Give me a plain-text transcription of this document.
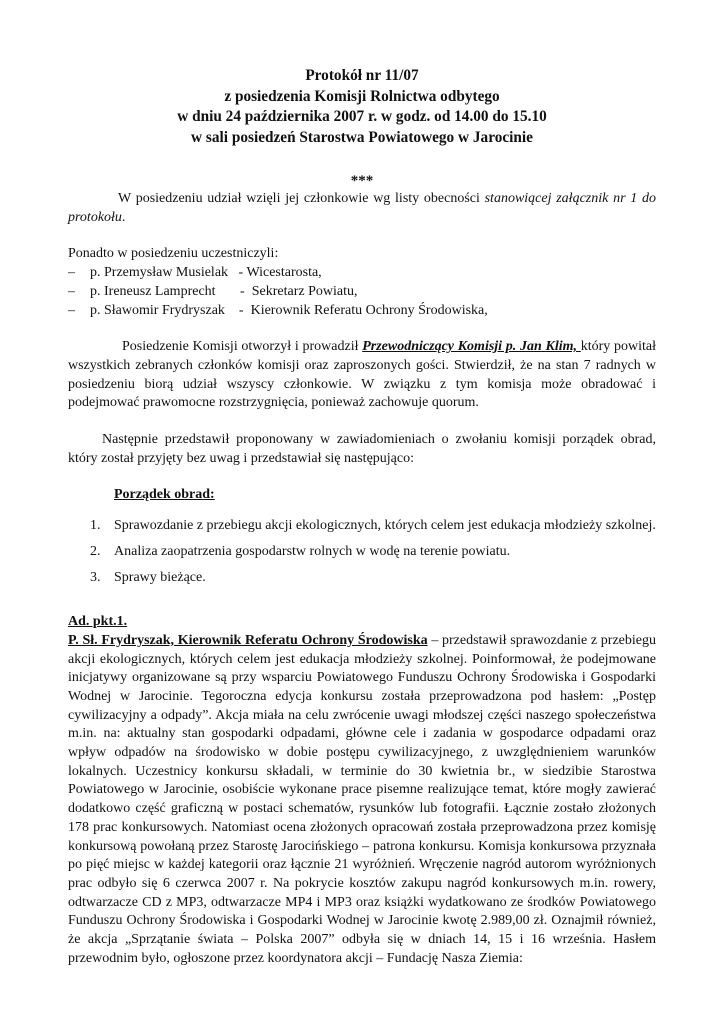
Protokół nr 11/07

z posiedzenia Komisji Rolnictwa odbytego

w dniu 24 października 2007 r. w godz. od 14.00 do 15.10

w sali posiedzeń Starostwa Powiatowego w Jarocinie

***

W posiedzeniu udział wzięli jej członkowie wg listy obecności stanowiącej załącznik nr 1 do protokołu.

Ponadto w posiedzeniu uczestniczyli:

– p. Przemysław Musielak   - Wicestarosta,
– p. Ireneusz Lamprecht       -  Sekretarz Powiatu,
– p. Sławomir Frydryszak    -  Kierownik Referatu Ochrony Środowiska,

Posiedzenie Komisji otworzył i prowadził Przewodniczący Komisji p. Jan Klim, który powitał wszystkich zebranych członków komisji oraz zaproszonych gości. Stwierdził, że na stan 7 radnych w posiedzeniu biorą udział wszyscy członkowie. W związku z tym komisja może obradować i podejmować prawomocne rozstrzygnięcia, ponieważ zachowuje quorum.

Następnie przedstawił proponowany w zawiadomieniach o zwołaniu komisji porządek obrad, który został przyjęty bez uwag i przedstawiał się następująco:

Porządek obrad:
1. Sprawozdanie z przebiegu akcji ekologicznych, których celem jest edukacja młodzieży szkolnej.
2. Analiza zaopatrzenia gospodarstw rolnych w wodę na terenie powiatu.
3. Sprawy bieżące.
Ad. pkt.1.

P. Sł. Frydryszak, Kierownik Referatu Ochrony Środowiska – przedstawił sprawozdanie z przebiegu akcji ekologicznych, których celem jest edukacja młodzieży szkolnej. Poinformował, że podejmowane inicjatywy organizowane są przy wsparciu Powiatowego Funduszu Ochrony Środowiska i Gospodarki Wodnej w Jarocinie. Tegoroczna edycja konkursu została przeprowadzona pod hasłem: „Postęp cywilizacyjny a odpady”. Akcja miała na celu zwrócenie uwagi młodszej części naszego społeczeństwa m.in. na: aktualny stan gospodarki odpadami, główne cele i zadania w gospodarce odpadami oraz wpływ odpadów na środowisko w dobie postępu cywilizacyjnego, z uwzględnieniem warunków lokalnych. Uczestnicy konkursu składali, w terminie do 30 kwietnia br., w siedzibie Starostwa Powiatowego w Jarocinie, osobiście wykonane prace pisemne realizujące temat, które mogły zawierać dodatkowo część graficzną w postaci schematów, rysunków lub fotografii. Łącznie zostało złożonych 178 prac konkursowych. Natomiast ocena złożonych opracowań została przeprowadzona przez komisję konkursową powołaną przez Starostę Jarocińskiego – patrona konkursu. Komisja konkursowa przyznała po pięć miejsc w każdej kategorii oraz łącznie 21 wyróżnień. Wręczenie nagród autorom wyróżnionych prac odbyło się 6 czerwca 2007 r. Na pokrycie kosztów zakupu nagród konkursowych m.in. rowery, odtwarzacze CD z MP3, odtwarzacze MP4 i MP3 oraz książki wydatkowano ze środków Powiatowego Funduszu Ochrony Środowiska i Gospodarki Wodnej w Jarocinie kwotę 2.989,00 zł. Oznajmił również, że akcja „Sprzątanie świata – Polska 2007” odbyła się w dniach 14, 15 i 16 września. Hasłem przewodnim było, ogłoszone przez koordynatora akcji – Fundację Nasza Ziemia:
